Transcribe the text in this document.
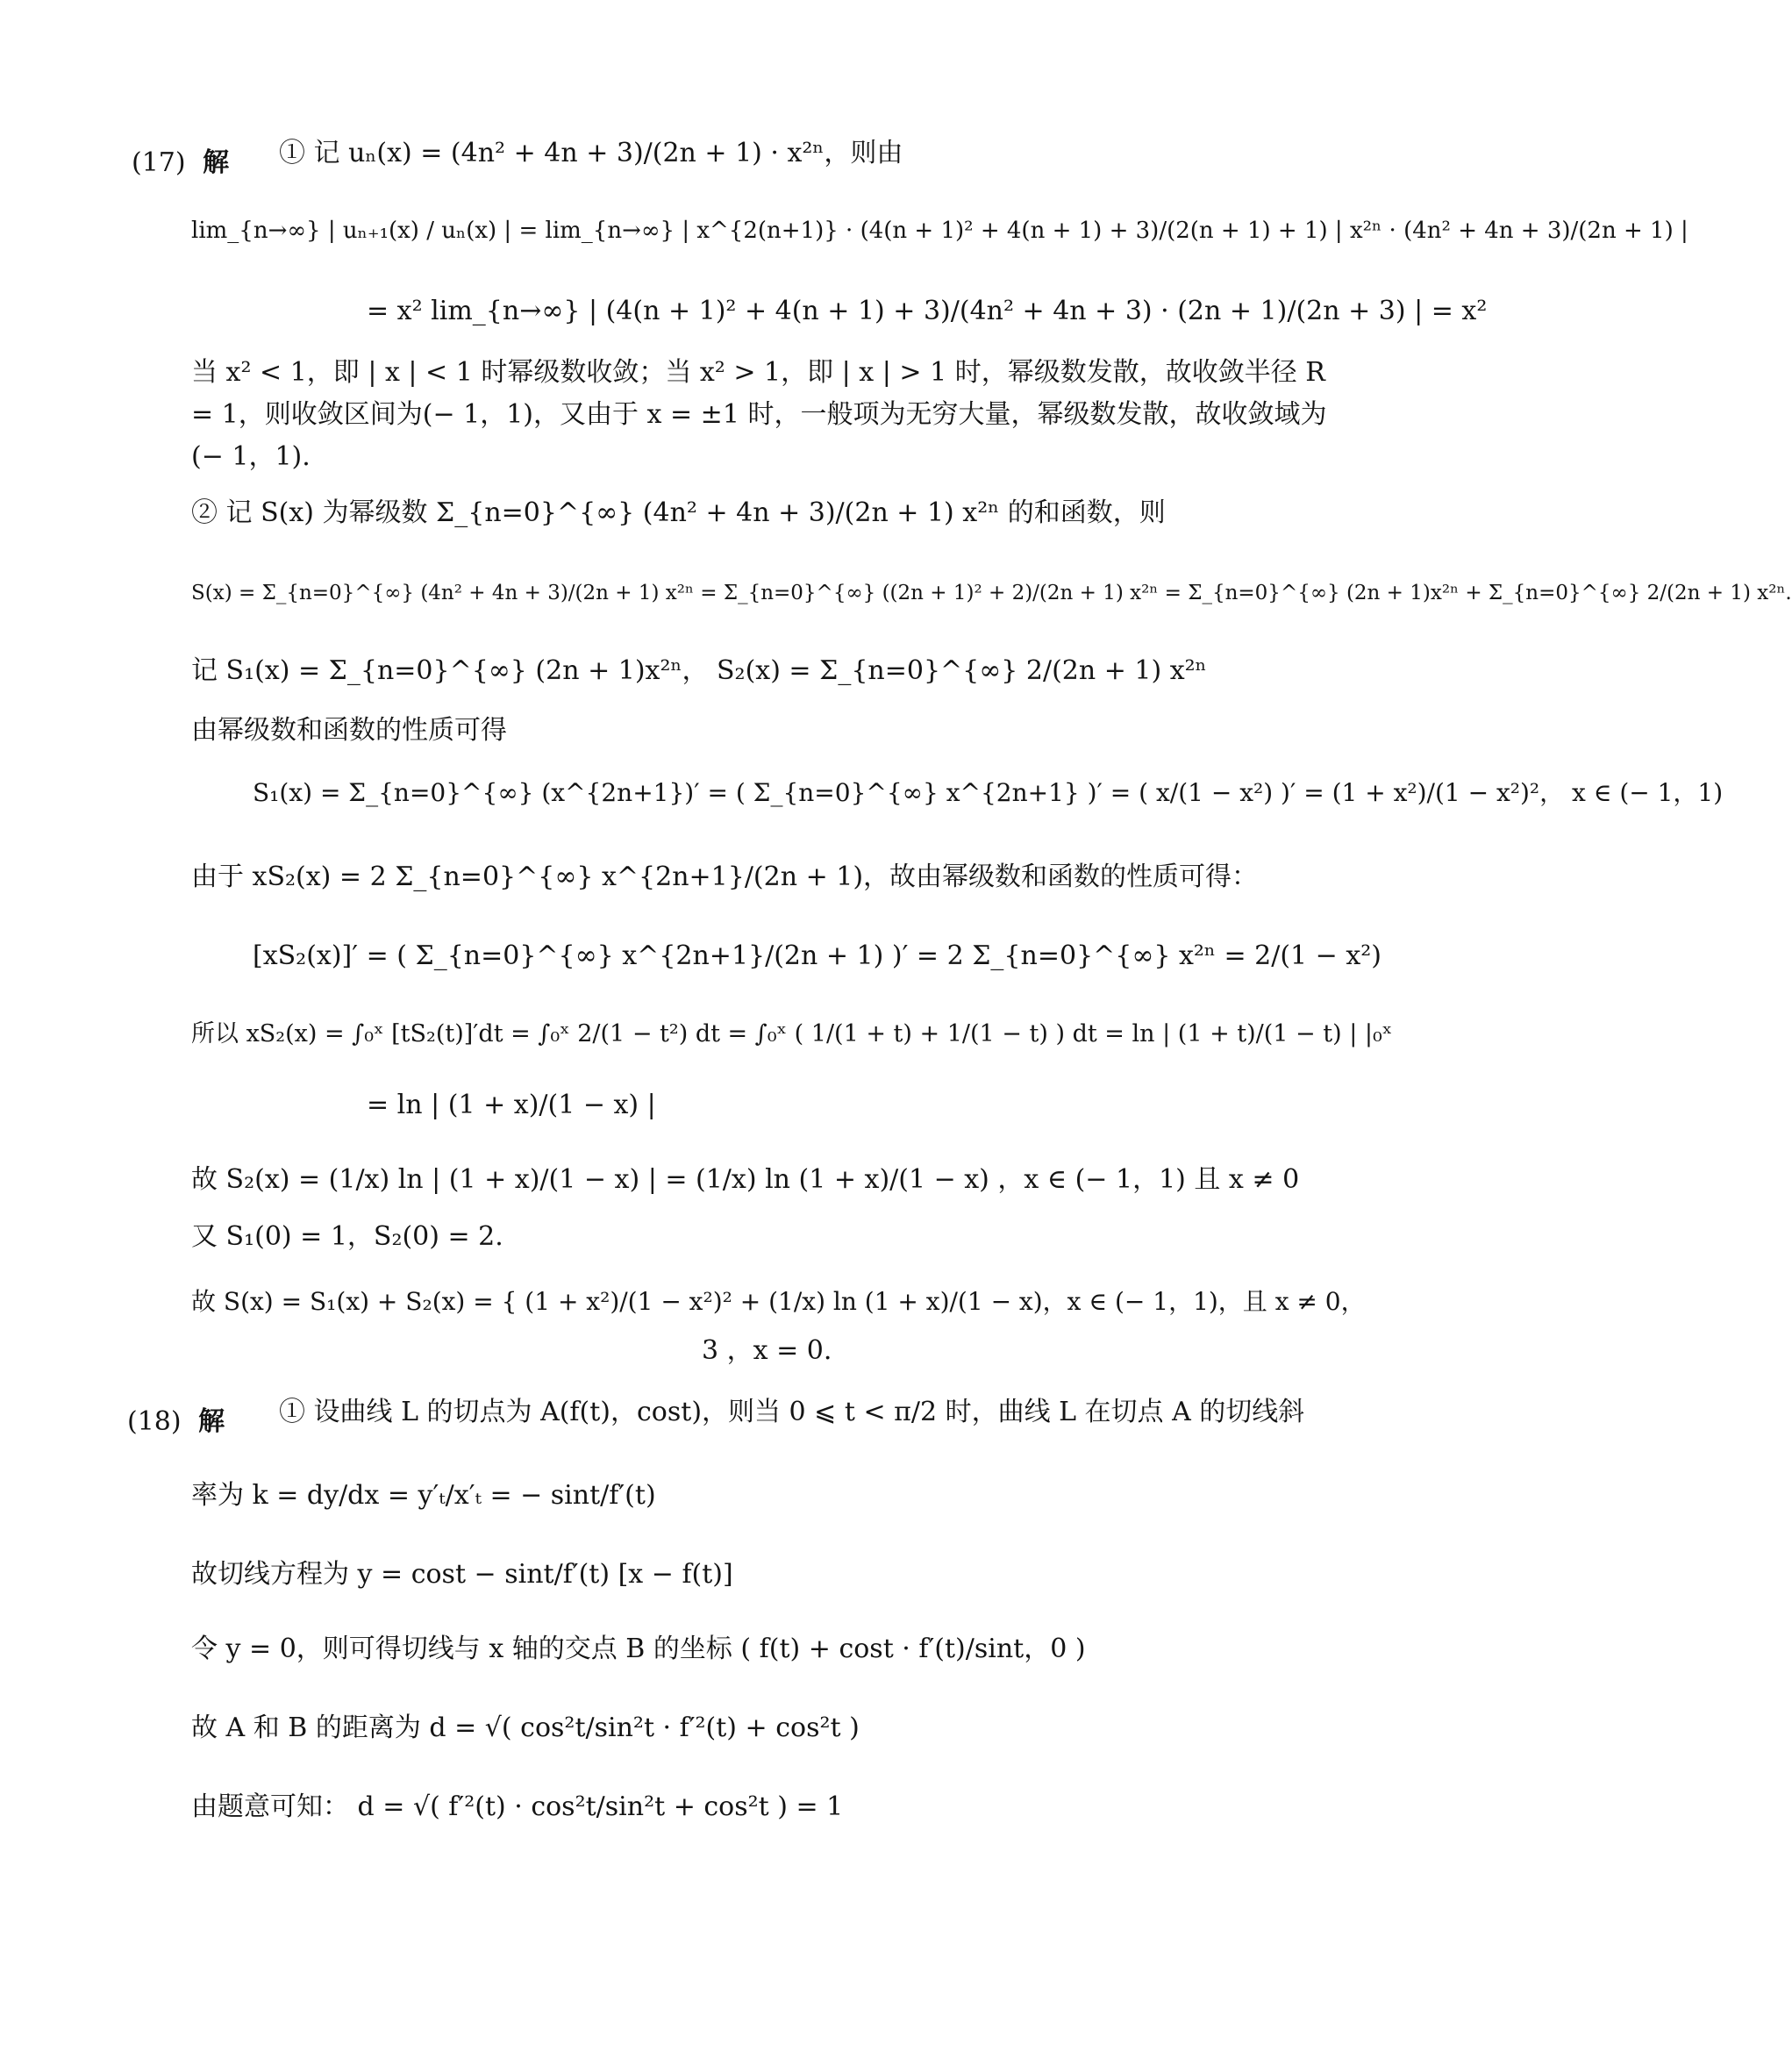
(17) 解 ① 记 uₙ(x) = (4n² + 4n + 3)/(2n + 1) · x²ⁿ，则由
lim_{n→∞} | uₙ₊₁(x) / uₙ(x) | = lim_{n→∞} | x^{2(n+1)} · (4(n + 1)² + 4(n + 1) + 3)/(2(n + 1) + 1) | x²ⁿ · (4n² + 4n + 3)/(2n + 1) |
= x² lim_{n→∞} | (4(n + 1)² + 4(n + 1) + 3)/(4n² + 4n + 3) · (2n + 1)/(2n + 3) | = x²
当 x² < 1，即 | x | < 1 时幂级数收敛；当 x² > 1，即 | x | > 1 时，幂级数发散，故收敛半径 R
= 1，则收敛区间为(− 1，1)，又由于 x = ±1 时，一般项为无穷大量，幂级数发散，故收敛域为
(− 1，1).
② 记 S(x) 为幂级数 Σ_{n=0}^{∞} (4n² + 4n + 3)/(2n + 1) x²ⁿ 的和函数，则
S(x) = Σ_{n=0}^{∞} (4n² + 4n + 3)/(2n + 1) x²ⁿ = Σ_{n=0}^{∞} ((2n + 1)² + 2)/(2n + 1) x²ⁿ = Σ_{n=0}^{∞} (2n + 1)x²ⁿ + Σ_{n=0}^{∞} 2/(2n + 1) x²ⁿ.
记 S₁(x) = Σ_{n=0}^{∞} (2n + 1)x²ⁿ， S₂(x) = Σ_{n=0}^{∞} 2/(2n + 1) x²ⁿ
由幂级数和函数的性质可得
S₁(x) = Σ_{n=0}^{∞} (x^{2n+1})′ = ( Σ_{n=0}^{∞} x^{2n+1} )′ = ( x/(1 − x²) )′ = (1 + x²)/(1 − x²)²， x ∈ (− 1，1)
由于 xS₂(x) = 2 Σ_{n=0}^{∞} x^{2n+1}/(2n + 1)，故由幂级数和函数的性质可得：
[xS₂(x)]′ = ( Σ_{n=0}^{∞} x^{2n+1}/(2n + 1) )′ = 2 Σ_{n=0}^{∞} x²ⁿ = 2/(1 − x²)
所以 xS₂(x) = ∫₀ˣ [tS₂(t)]′dt = ∫₀ˣ 2/(1 − t²) dt = ∫₀ˣ ( 1/(1 + t) + 1/(1 − t) ) dt = ln | (1 + t)/(1 − t) | |₀ˣ
= ln | (1 + x)/(1 − x) |
故 S₂(x) = (1/x) ln | (1 + x)/(1 − x) | = (1/x) ln (1 + x)/(1 − x) ，x ∈ (− 1，1) 且 x ≠ 0
又 S₁(0) = 1，S₂(0) = 2.
故 S(x) = S₁(x) + S₂(x) = { (1 + x²)/(1 − x²)² + (1/x) ln (1 + x)/(1 − x)，x ∈ (− 1，1)，且 x ≠ 0，
3 ，x = 0.
(18) 解 ① 设曲线 L 的切点为 A(f(t)，cost)，则当 0 ⩽ t < π/2 时，曲线 L 在切点 A 的切线斜
率为 k = dy/dx = y′ₜ/x′ₜ = − sint/f′(t)
故切线方程为 y = cost − sint/f′(t) [x − f(t)]
令 y = 0，则可得切线与 x 轴的交点 B 的坐标 ( f(t) + cost · f′(t)/sint，0 )
故 A 和 B 的距离为 d = √( cos²t/sin²t · f′²(t) + cos²t )
由题意可知： d = √( f′²(t) · cos²t/sin²t + cos²t ) = 1
